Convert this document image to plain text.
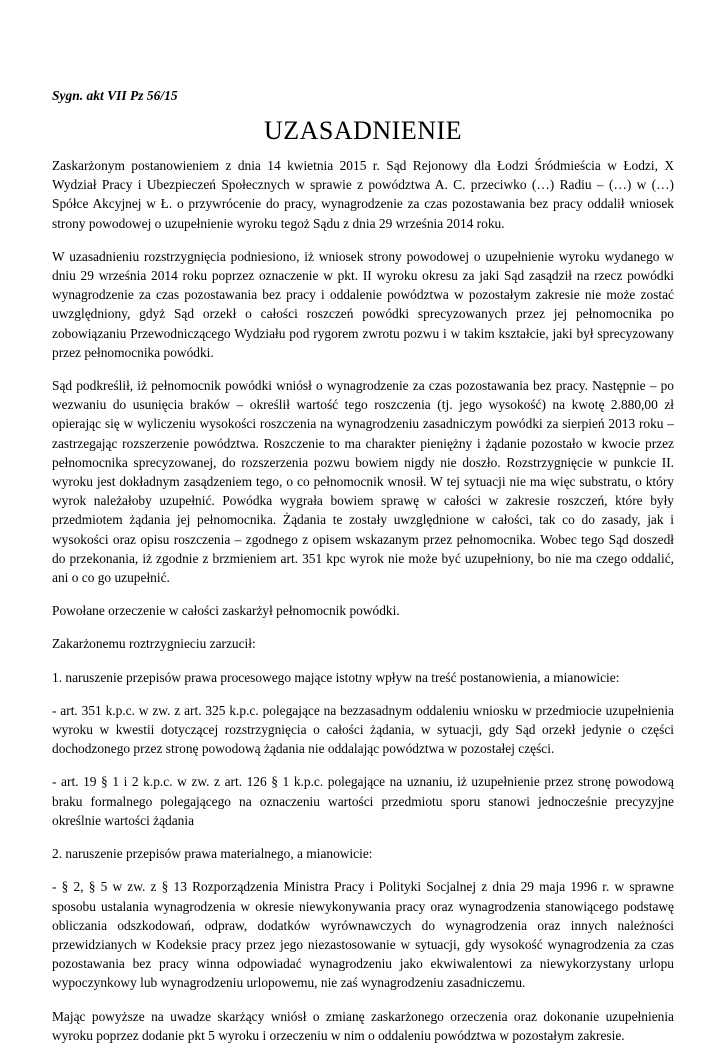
Sygn. akt VII Pz 56/15

UZASADNIENIE

Zaskarżonym postanowieniem z dnia 14 kwietnia 2015 r. Sąd Rejonowy dla Łodzi Śródmieścia w Łodzi, X Wydział Pracy i Ubezpieczeń Społecznych w sprawie z powództwa A. C. przeciwko (…) Radiu – (…) w (…) Spółce Akcyjnej w Ł. o przywrócenie do pracy, wynagrodzenie za czas pozostawania bez pracy oddalił wniosek strony powodowej o uzupełnienie wyroku tegoż Sądu z dnia 29 września 2014 roku.

W uzasadnieniu rozstrzygnięcia podniesiono, iż wniosek strony powodowej o uzupełnienie wyroku wydanego w dniu 29 września 2014 roku poprzez oznaczenie w pkt. II wyroku okresu za jaki Sąd zasądził na rzecz powódki wynagrodzenie za czas pozostawania bez pracy i oddalenie powództwa w pozostałym zakresie nie może zostać uwzględniony, gdyż Sąd orzekł o całości roszczeń powódki sprecyzowanych przez jej pełnomocnika po zobowiązaniu Przewodniczącego Wydziału pod rygorem zwrotu pozwu i w takim kształcie, jaki był sprecyzowany przez pełnomocnika powódki.

Sąd podkreślił, iż pełnomocnik powódki wniósł o wynagrodzenie za czas pozostawania bez pracy. Następnie – po wezwaniu do usunięcia braków – określił wartość tego roszczenia (tj. jego wysokość) na kwotę 2.880,00 zł opierając się w wyliczeniu wysokości roszczenia na wynagrodzeniu zasadniczym powódki za sierpień 2013 roku – zastrzegając rozszerzenie powództwa. Roszczenie to ma charakter pieniężny i żądanie pozostało w kwocie przez pełnomocnika sprecyzowanej, do rozszerzenia pozwu bowiem nigdy nie doszło. Rozstrzygnięcie w punkcie II. wyroku jest dokładnym zasądzeniem tego, o co pełnomocnik wnosił. W tej sytuacji nie ma więc substratu, o który wyrok należałoby uzupełnić. Powódka wygrała bowiem sprawę w całości w zakresie roszczeń, które były przedmiotem żądania jej pełnomocnika. Żądania te zostały uwzględnione w całości, tak co do zasady, jak i wysokości oraz opisu roszczenia – zgodnego z opisem wskazanym przez pełnomocnika. Wobec tego Sąd doszedł do przekonania, iż zgodnie z brzmieniem art. 351 kpc wyrok nie może być uzupełniony, bo nie ma czego oddalić, ani o co go uzupełnić.

Powołane orzeczenie w całości zaskarżył pełnomocnik powódki.

Zakarżonemu roztrzygnieciu zarzucił:

1. naruszenie przepisów prawa procesowego mające istotny wpływ na treść postanowienia, a mianowicie:

- art. 351 k.p.c. w zw. z art. 325 k.p.c. polegające na bezzasadnym oddaleniu wniosku w przedmiocie uzupełnienia wyroku w kwestii dotyczącej rozstrzygnięcia o całości żądania, w sytuacji, gdy Sąd orzekł jedynie o części dochodzonego przez stronę powodową żądania nie oddalając powództwa w pozostałej części.

- art. 19 § 1 i 2 k.p.c. w zw. z art. 126 § 1 k.p.c. polegające na uznaniu, iż uzupełnienie przez stronę powodową braku formalnego polegającego na oznaczeniu wartości przedmiotu sporu stanowi jednocześnie precyzyjne określnie wartości żądania

2. naruszenie przepisów prawa materialnego, a mianowicie:

- § 2, § 5 w zw. z § 13 Rozporządzenia Ministra Pracy i Polityki Socjalnej z dnia 29 maja 1996 r. w sprawne sposobu ustalania wynagrodzenia w okresie niewykonywania pracy oraz wynagrodzenia stanowiącego podstawę obliczania odszkodowań, odpraw, dodatków wyrównawczych do wynagrodzenia oraz innych należności przewidzianych w Kodeksie pracy przez jego niezastosowanie w sytuacji, gdy wysokość wynagrodzenia za czas pozostawania bez pracy winna odpowiadać wynagrodzeniu jako ekwiwalentowi za niewykorzystany urlopu wypoczynkowy lub wynagrodzeniu urlopowemu, nie zaś wynagrodzeniu zasadniczemu.

Mając powyższe na uwadze skarżący wniósł o zmianę zaskarżonego orzeczenia oraz dokonanie uzupełnienia wyroku poprzez dodanie pkt 5 wyroku i orzeczeniu w nim o oddaleniu powództwa w pozostałym zakresie.
